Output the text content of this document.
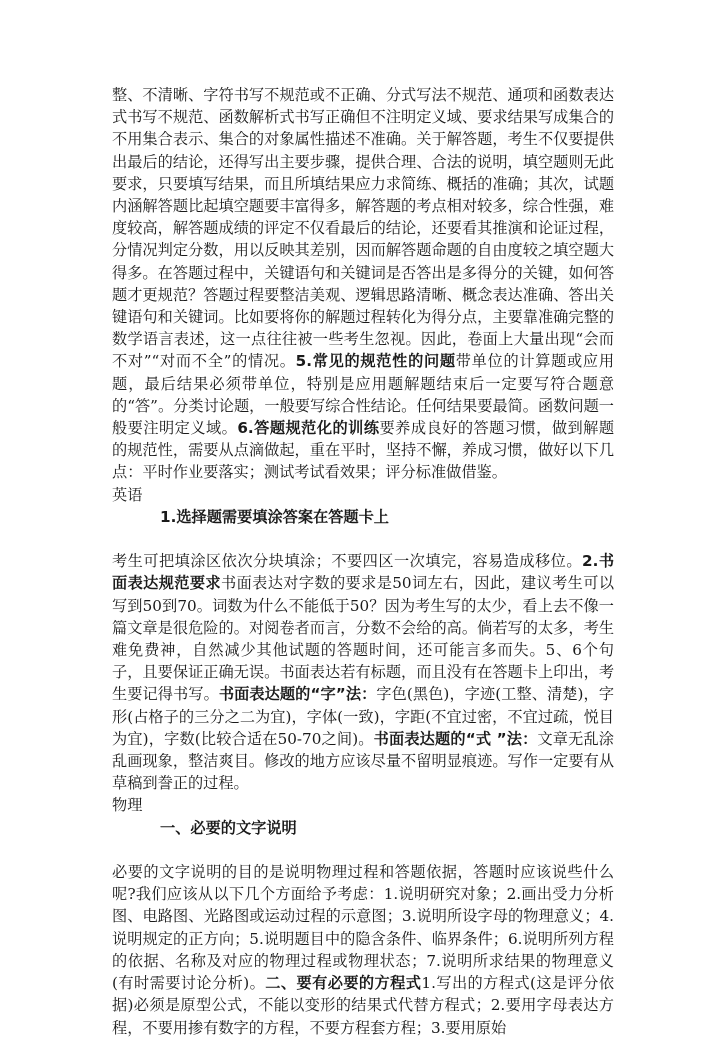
整、不清晰、字符书写不规范或不正确、分式写法不规范、通项和函数表达式书写不规范、函数解析式书写正确但不注明定义域、要求结果写成集合的不用集合表示、集合的对象属性描述不准确。关于解答题，考生不仅要提供出最后的结论，还得写出主要步骤，提供合理、合法的说明，填空题则无此要求，只要填写结果，而且所填结果应力求简练、概括的准确；其次，试题内涵解答题比起填空题要丰富得多，解答题的考点相对较多，综合性强，难度较高，解答题成绩的评定不仅看最后的结论，还要看其推演和论证过程，分情况判定分数，用以反映其差别，因而解答题命题的自由度较之填空题大得多。在答题过程中，关键语句和关键词是否答出是多得分的关键，如何答题才更规范？答题过程要整洁美观、逻辑思路清晰、概念表达准确、答出关键语句和关键词。比如要将你的解题过程转化为得分点，主要靠准确完整的数学语言表述，这一点往往被一些考生忽视。因此，卷面上大量出现“会而不对”“对而不全”的情况。5.常见的规范性的问题带单位的计算题或应用题，最后结果必须带单位，特别是应用题解题结束后一定要写符合题意的“答”。分类讨论题，一般要写综合性结论。任何结果要最简。函数问题一般要注明定义域。6.答题规范化的训练要养成良好的答题习惯，做到解题的规范性，需要从点滴做起，重在平时，坚持不懈，养成习惯，做好以下几点：平时作业要落实；测试考试看效果；评分标准做借鉴。

英语

1.选择题需要填涂答案在答题卡上

考生可把填涂区依次分块填涂；不要四区一次填完，容易造成移位。2.书面表达规范要求书面表达对字数的要求是50词左右，因此，建议考生可以写到50到70。词数为什么不能低于50？因为考生写的太少，看上去不像一篇文章是很危险的。对阅卷者而言，分数不会给的高。倘若写的太多，考生难免费神，自然减少其他试题的答题时间，还可能言多而失。5、6个句子，且要保证正确无误。书面表达若有标题，而且没有在答题卡上印出，考生要记得书写。书面表达题的“字”法：字色(黑色)，字迹(工整、清楚)，字形(占格子的三分之二为宜)，字体(一致)，字距(不宜过密，不宜过疏，悦目为宜)，字数(比较合适在50-70之间)。书面表达题的“式 ”法：文章无乱涂乱画现象，整洁爽目。修改的地方应该尽量不留明显痕迹。写作一定要有从草稿到誊正的过程。

物理

一、必要的文字说明

必要的文字说明的目的是说明物理过程和答题依据，答题时应该说些什么呢?我们应该从以下几个方面给予考虑：1.说明研究对象；2.画出受力分析图、电路图、光路图或运动过程的示意图；3.说明所设字母的物理意义；4.说明规定的正方向；5.说明题目中的隐含条件、临界条件；6.说明所列方程的依据、名称及对应的物理过程或物理状态；7.说明所求结果的物理意义(有时需要讨论分析)。二、要有必要的方程式1.写出的方程式(这是评分依据)必须是原型公式，不能以变形的结果式代替方程式；2.要用字母表达方程，不要用掺有数字的方程，不要方程套方程；3.要用原始
